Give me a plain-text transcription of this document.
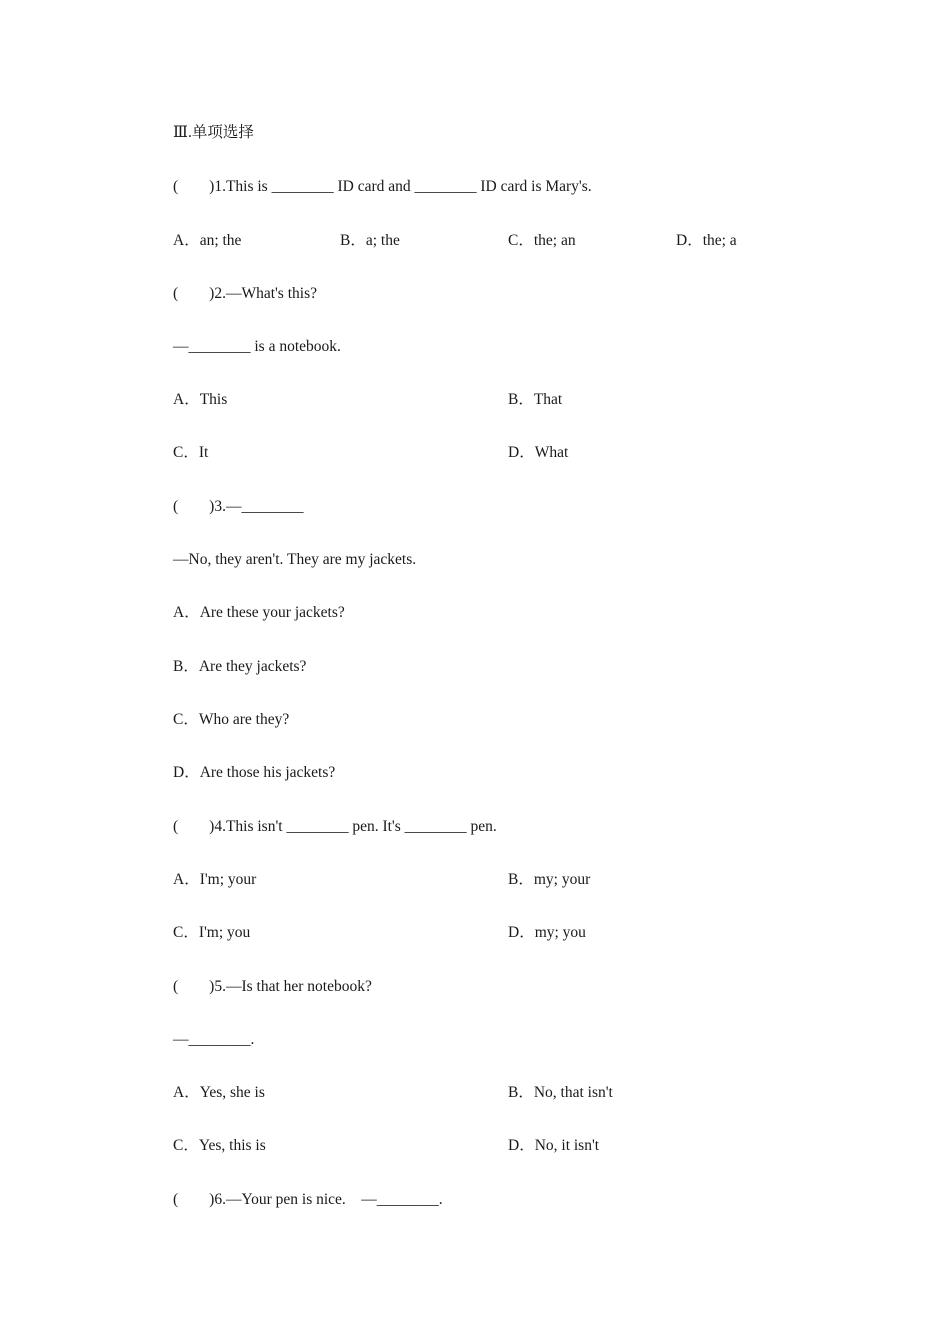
Ⅲ.单项选择
(        )1.This is ________ ID card and ________ ID card is Mary's.
A．an; the	B．a; the	C．the; an	D．the; a
(        )2.—What's this?
—________ is a notebook.
A．This	B．That
C．It	D．What
(        )3.—________
—No, they aren't. They are my jackets.
A．Are these your jackets?
B．Are they jackets?
C．Who are they?
D．Are those his jackets?
(        )4.This isn't ________ pen. It's ________ pen.
A．I'm; your	B．my; your
C．I'm; you	D．my; you
(        )5.—Is that her notebook?
—________.
A．Yes, she is	B．No, that isn't
C．Yes, this is	D．No, it isn't
(        )6.—Your pen is nice.    —________.
